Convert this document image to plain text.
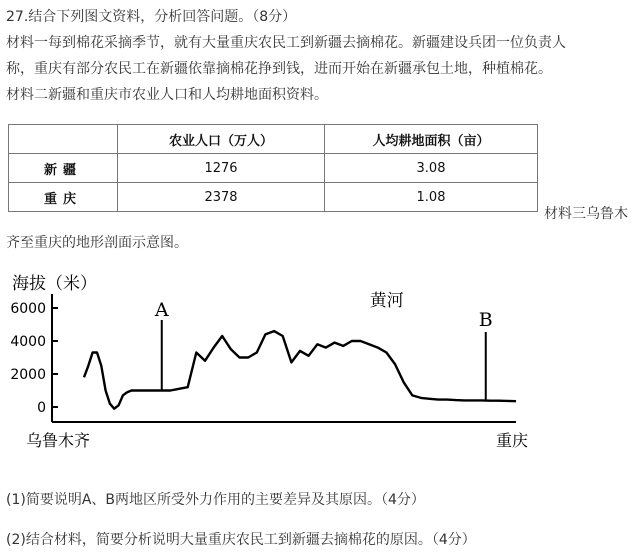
27.结合下列图文资料，分析回答问题。（8分）
材料一每到棉花采摘季节，就有大量重庆农民工到新疆去摘棉花。新疆建设兵团一位负责人
称，重庆有部分农民工在新疆依靠摘棉花挣到钱，进而开始在新疆承包土地，种植棉花。
材料二新疆和重庆市农业人口和人均耕地面积资料。
	农业人口（万人）	人均耕地面积（亩）
新疆	1276	3.08
重庆	2378	1.08
材料三乌鲁木
齐至重庆的地形剖面示意图。
海拔（米）
6000
4000
2000
0
A	黄河
B
乌鲁木齐	重庆
(1)简要说明A、B两地区所受外力作用的主要差异及其原因。（4分）
(2)结合材料，简要分析说明大量重庆农民工到新疆去摘棉花的原因。（4分）
